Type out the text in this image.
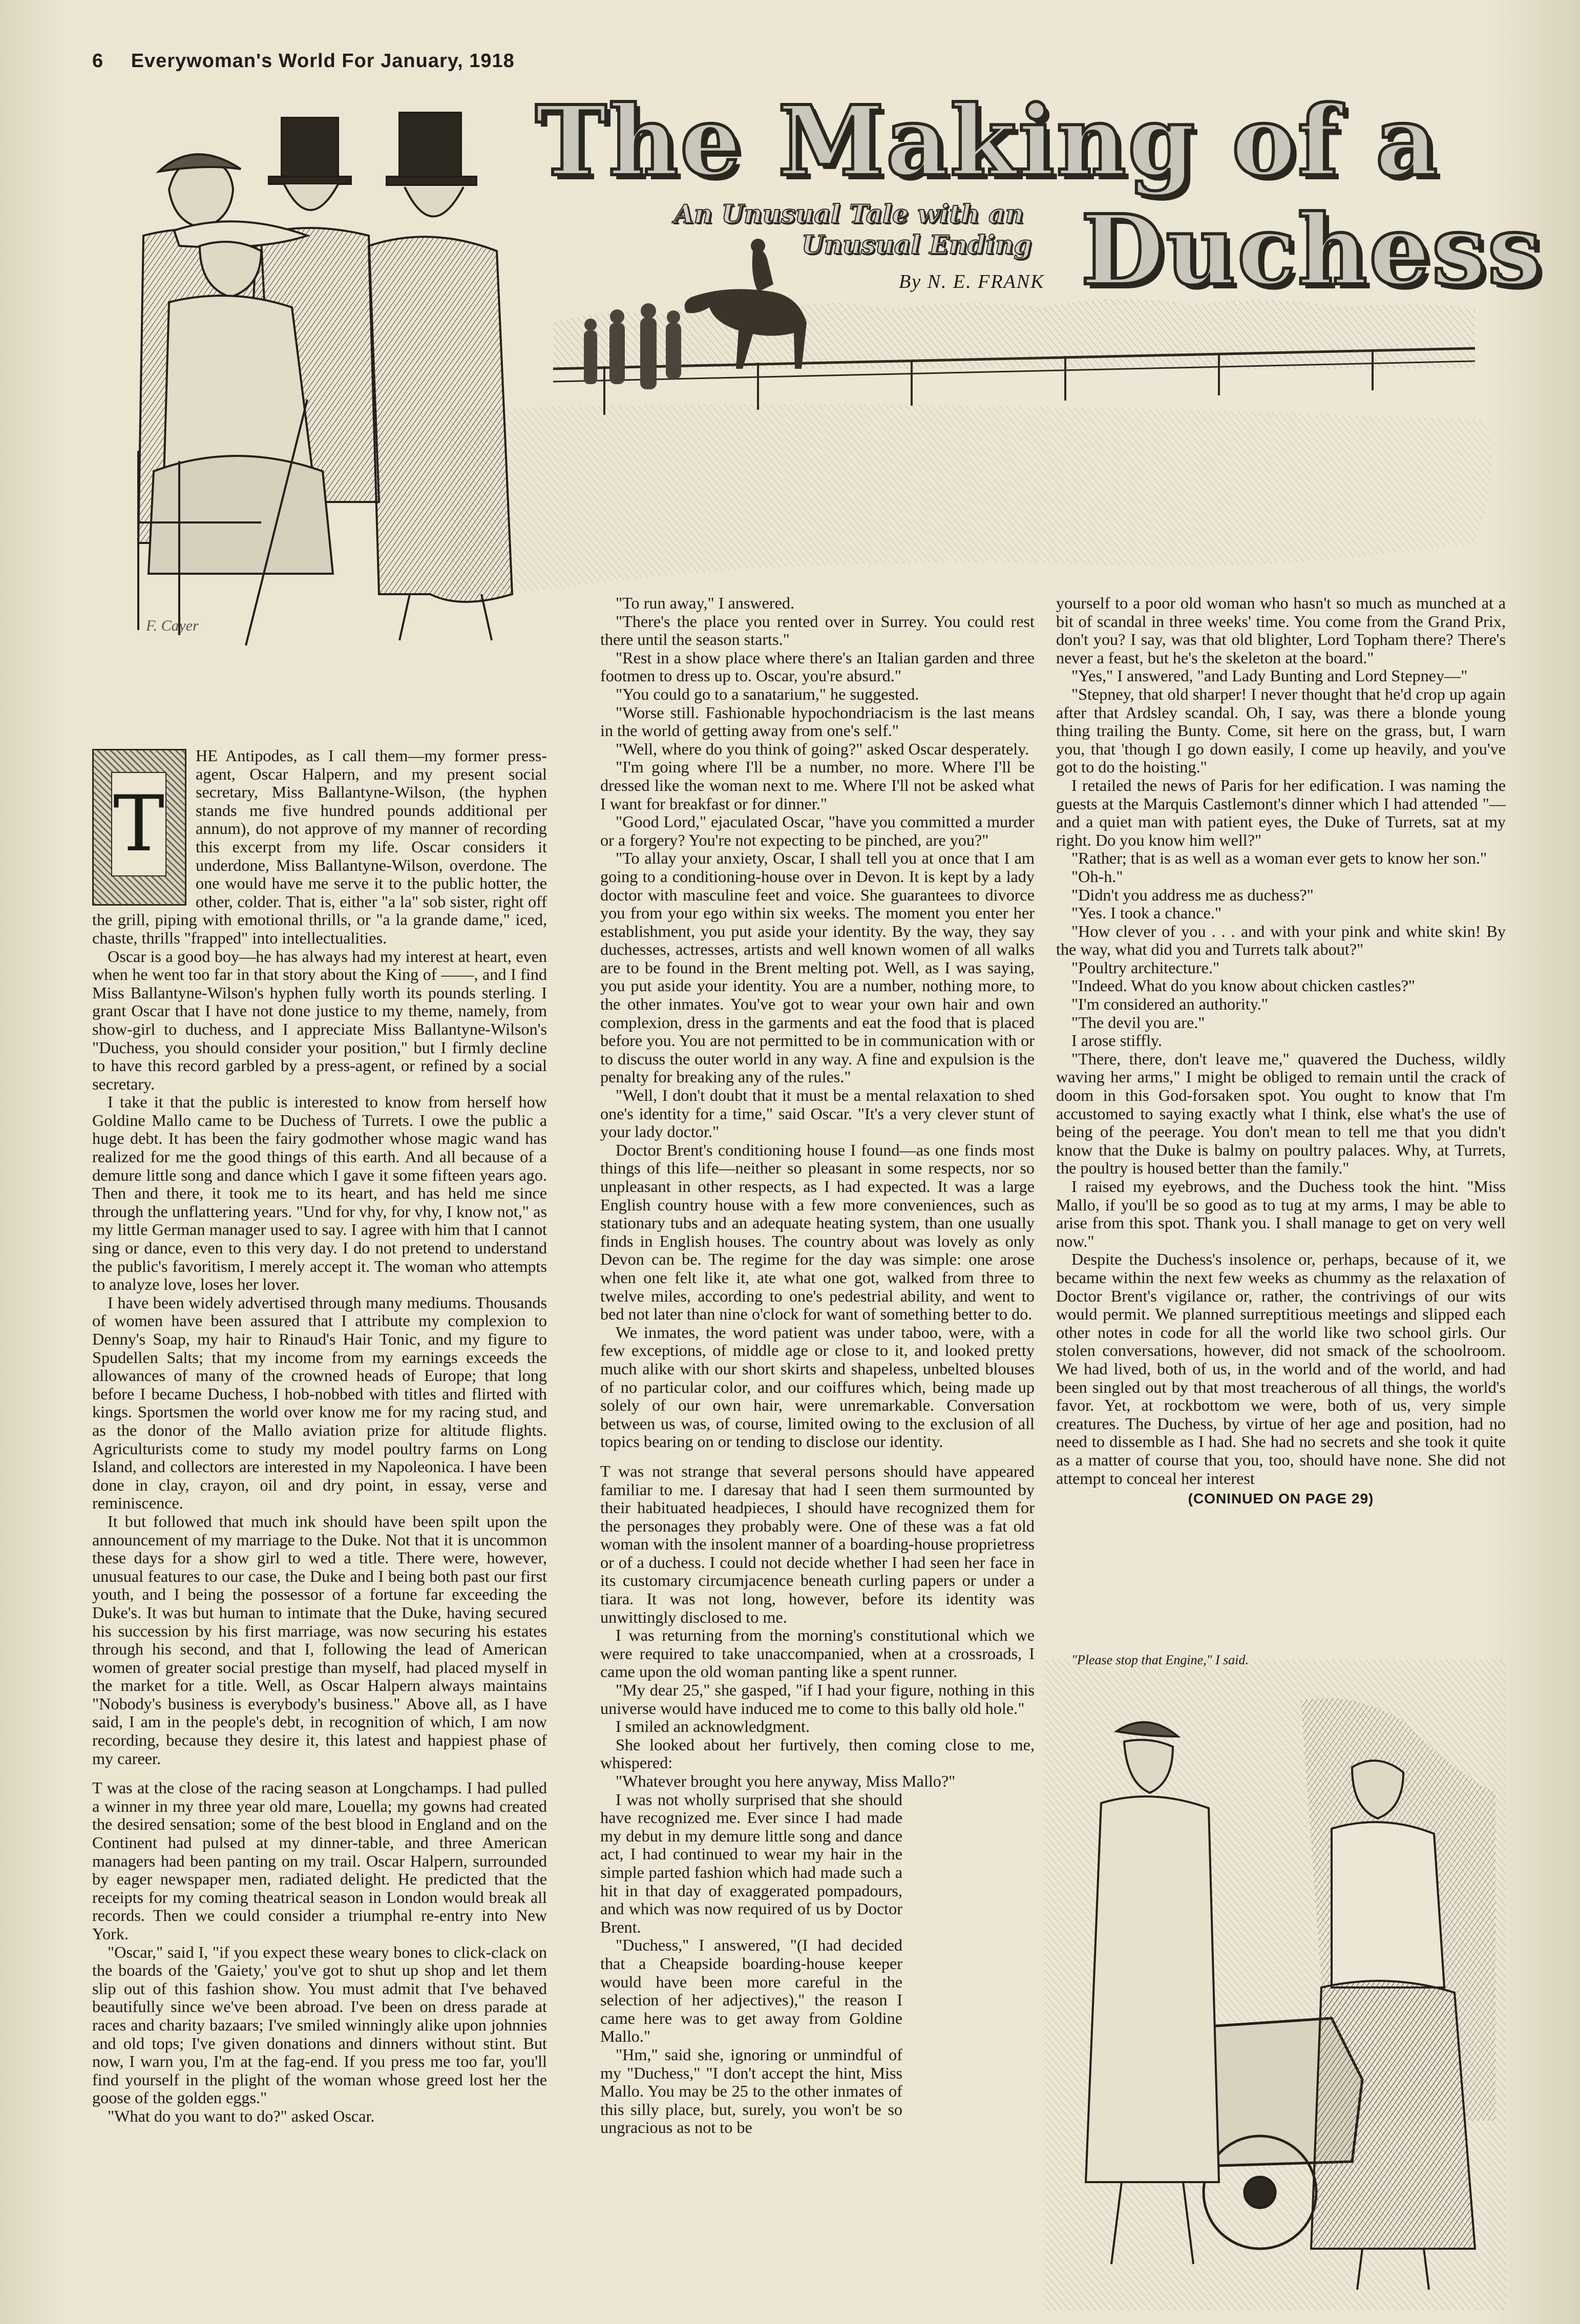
6 Everywoman's World For January, 1918
The Making of a
An Unusual Tale with an
Unusual Ending Duchess
By N. E. FRANK
F. Cayer
T

HE Antipodes, as I call them—my former press-agent, Oscar Halpern, and my present social secretary, Miss Ballantyne-Wilson, (the hyphen stands me five hundred pounds additional per annum), do not approve of my manner of recording this excerpt from my life. Oscar considers it underdone, Miss Ballantyne-Wilson, overdone. The one would have me serve it to the public hotter, the other, colder. That is, either "a la" sob sister, right off the grill, piping with emotional thrills, or "a la grande dame," iced, chaste, thrills "frapped" into intellectualities.

Oscar is a good boy—he has always had my interest at heart, even when he went too far in that story about the King of ——, and I find Miss Ballantyne-Wilson's hyphen fully worth its pounds sterling. I grant Oscar that I have not done justice to my theme, namely, from show-girl to duchess, and I appreciate Miss Ballantyne-Wilson's "Duchess, you should consider your position," but I firmly decline to have this record garbled by a press-agent, or refined by a social secretary.

I take it that the public is interested to know from herself how Goldine Mallo came to be Duchess of Turrets. I owe the public a huge debt. It has been the fairy godmother whose magic wand has realized for me the good things of this earth. And all because of a demure little song and dance which I gave it some fifteen years ago. Then and there, it took me to its heart, and has held me since through the unflattering years. "Und for vhy, for vhy, I know not," as my little German manager used to say. I agree with him that I cannot sing or dance, even to this very day. I do not pretend to understand the public's favoritism, I merely accept it. The woman who attempts to analyze love, loses her lover.

I have been widely advertised through many mediums. Thousands of women have been assured that I attribute my complexion to Denny's Soap, my hair to Rinaud's Hair Tonic, and my figure to Spudellen Salts; that my income from my earnings exceeds the allowances of many of the crowned heads of Europe; that long before I became Duchess, I hob-nobbed with titles and flirted with kings. Sportsmen the world over know me for my racing stud, and as the donor of the Mallo aviation prize for altitude flights. Agriculturists come to study my model poultry farms on Long Island, and collectors are interested in my Napoleonica. I have been done in clay, crayon, oil and dry point, in essay, verse and reminiscence.

It but followed that much ink should have been spilt upon the announcement of my marriage to the Duke. Not that it is uncommon these days for a show girl to wed a title. There were, however, unusual features to our case, the Duke and I being both past our first youth, and I being the possessor of a fortune far exceeding the Duke's. It was but human to intimate that the Duke, having secured his succession by his first marriage, was now securing his estates through his second, and that I, following the lead of American women of greater social prestige than myself, had placed myself in the market for a title. Well, as Oscar Halpern always maintains "Nobody's business is everybody's business." Above all, as I have said, I am in the people's debt, in recognition of which, I am now recording, because they desire it, this latest and happiest phase of my career.

T was at the close of the racing season at Longchamps. I had pulled a winner in my three year old mare, Louella; my gowns had created the desired sensation; some of the best blood in England and on the Continent had pulsed at my dinner-table, and three American managers had been panting on my trail. Oscar Halpern, surrounded by eager newspaper men, radiated delight. He predicted that the receipts for my coming theatrical season in London would break all records. Then we could consider a triumphal re-entry into New York.

"Oscar," said I, "if you expect these weary bones to click-clack on the boards of the 'Gaiety,' you've got to shut up shop and let them slip out of this fashion show. You must admit that I've behaved beautifully since we've been abroad. I've been on dress parade at races and charity bazaars; I've smiled winningly alike upon johnnies and old tops; I've given donations and dinners without stint. But now, I warn you, I'm at the fag-end. If you press me too far, you'll find yourself in the plight of the woman whose greed lost her the goose of the golden eggs."

"What do you want to do?" asked Oscar.

"To run away," I answered.

"There's the place you rented over in Surrey. You could rest there until the season starts."

"Rest in a show place where there's an Italian garden and three footmen to dress up to. Oscar, you're absurd."

"You could go to a sanatarium," he suggested.

"Worse still. Fashionable hypochondriacism is the last means in the world of getting away from one's self."

"Well, where do you think of going?" asked Oscar desperately.

"I'm going where I'll be a number, no more. Where I'll be dressed like the woman next to me. Where I'll not be asked what I want for breakfast or for dinner."

"Good Lord," ejaculated Oscar, "have you committed a murder or a forgery? You're not expecting to be pinched, are you?"

"To allay your anxiety, Oscar, I shall tell you at once that I am going to a conditioning-house over in Devon. It is kept by a lady doctor with masculine feet and voice. She guarantees to divorce you from your ego within six weeks. The moment you enter her establishment, you put aside your identity. By the way, they say duchesses, actresses, artists and well known women of all walks are to be found in the Brent melting pot. Well, as I was saying, you put aside your identity. You are a number, nothing more, to the other inmates. You've got to wear your own hair and own complexion, dress in the garments and eat the food that is placed before you. You are not permitted to be in communication with or to discuss the outer world in any way. A fine and expulsion is the penalty for breaking any of the rules."

"Well, I don't doubt that it must be a mental relaxation to shed one's identity for a time," said Oscar. "It's a very clever stunt of your lady doctor."

Doctor Brent's conditioning house I found—as one finds most things of this life—neither so pleasant in some respects, nor so unpleasant in other respects, as I had expected. It was a large English country house with a few more conveniences, such as stationary tubs and an adequate heating system, than one usually finds in English houses. The country about was lovely as only Devon can be. The regime for the day was simple: one arose when one felt like it, ate what one got, walked from three to twelve miles, according to one's pedestrial ability, and went to bed not later than nine o'clock for want of something better to do.

We inmates, the word patient was under taboo, were, with a few exceptions, of middle age or close to it, and looked pretty much alike with our short skirts and shapeless, unbelted blouses of no particular color, and our coiffures which, being made up solely of our own hair, were unremarkable. Conversation between us was, of course, limited owing to the exclusion of all topics bearing on or tending to disclose our identity.

T was not strange that several persons should have appeared familiar to me. I daresay that had I seen them surmounted by their habituated headpieces, I should have recognized them for the personages they probably were. One of these was a fat old woman with the insolent manner of a boarding-house proprietress or of a duchess. I could not decide whether I had seen her face in its customary circumjacence beneath curling papers or under a tiara. It was not long, however, before its identity was unwittingly disclosed to me.

I was returning from the morning's constitutional which we were required to take unaccompanied, when at a crossroads, I came upon the old woman panting like a spent runner.

"My dear 25," she gasped, "if I had your figure, nothing in this universe would have induced me to come to this bally old hole."

I smiled an acknowledgment.

She looked about her furtively, then coming close to me, whispered:

"Whatever brought you here anyway, Miss Mallo?"

I was not wholly surprised that she should have recognized me. Ever since I had made my debut in my demure little song and dance act, I had continued to wear my hair in the simple parted fashion which had made such a hit in that day of exaggerated pompadours, and which was now required of us by Doctor Brent.

"Duchess," I answered, "(I had decided that a Cheapside boarding-house keeper would have been more careful in the selection of her adjectives)," the reason I came here was to get away from Goldine Mallo."

"Hm," said she, ignoring or unmindful of my "Duchess," "I don't accept the hint, Miss Mallo. You may be 25 to the other inmates of this silly place, but, surely, you won't be so ungracious as not to be

yourself to a poor old woman who hasn't so much as munched at a bit of scandal in three weeks' time. You come from the Grand Prix, don't you? I say, was that old blighter, Lord Topham there? There's never a feast, but he's the skeleton at the board."

"Yes," I answered, "and Lady Bunting and Lord Stepney—"

"Stepney, that old sharper! I never thought that he'd crop up again after that Ardsley scandal. Oh, I say, was there a blonde young thing trailing the Bunty. Come, sit here on the grass, but, I warn you, that 'though I go down easily, I come up heavily, and you've got to do the hoisting."

I retailed the news of Paris for her edification. I was naming the guests at the Marquis Castlemont's dinner which I had attended "—and a quiet man with patient eyes, the Duke of Turrets, sat at my right. Do you know him well?"

"Rather; that is as well as a woman ever gets to know her son."

"Oh-h."

"Didn't you address me as duchess?"

"Yes. I took a chance."

"How clever of you . . . and with your pink and white skin! By the way, what did you and Turrets talk about?"

"Poultry architecture."

"Indeed. What do you know about chicken castles?"

"I'm considered an authority."

"The devil you are."

I arose stiffly.

"There, there, don't leave me," quavered the Duchess, wildly waving her arms," I might be obliged to remain until the crack of doom in this God-forsaken spot. You ought to know that I'm accustomed to saying exactly what I think, else what's the use of being of the peerage. You don't mean to tell me that you didn't know that the Duke is balmy on poultry palaces. Why, at Turrets, the poultry is housed better than the family."

I raised my eyebrows, and the Duchess took the hint. "Miss Mallo, if you'll be so good as to tug at my arms, I may be able to arise from this spot. Thank you. I shall manage to get on very well now."

Despite the Duchess's insolence or, perhaps, because of it, we became within the next few weeks as chummy as the relaxation of Doctor Brent's vigilance or, rather, the contrivings of our wits would permit. We planned surreptitious meetings and slipped each other notes in code for all the world like two school girls. Our stolen conversations, however, did not smack of the schoolroom. We had lived, both of us, in the world and of the world, and had been singled out by that most treacherous of all things, the world's favor. Yet, at rockbottom we were, both of us, very simple creatures. The Duchess, by virtue of her age and position, had no need to dissemble as I had. She had no secrets and she took it quite as a matter of course that you, too, should have none. She did not attempt to conceal her interest

(CONINUED ON PAGE 29)
"Please stop that Engine," I said.
